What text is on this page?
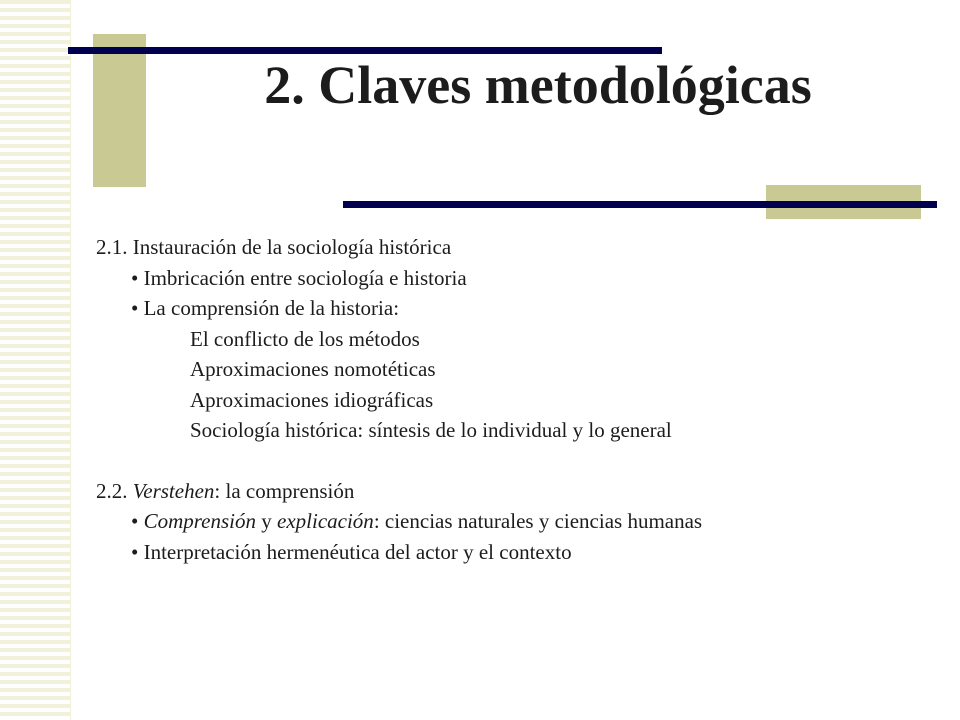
2. Claves metodológicas
2.1. Instauración de la sociología histórica
• Imbricación entre sociología e historia
• La comprensión de la historia:
El conflicto de los métodos
Aproximaciones nomotéticas
Aproximaciones idiográficas
Sociología histórica: síntesis de lo individual y lo general
2.2. Verstehen: la comprensión
• Comprensión y explicación: ciencias naturales y ciencias humanas
• Interpretación hermenéutica del actor y el contexto
